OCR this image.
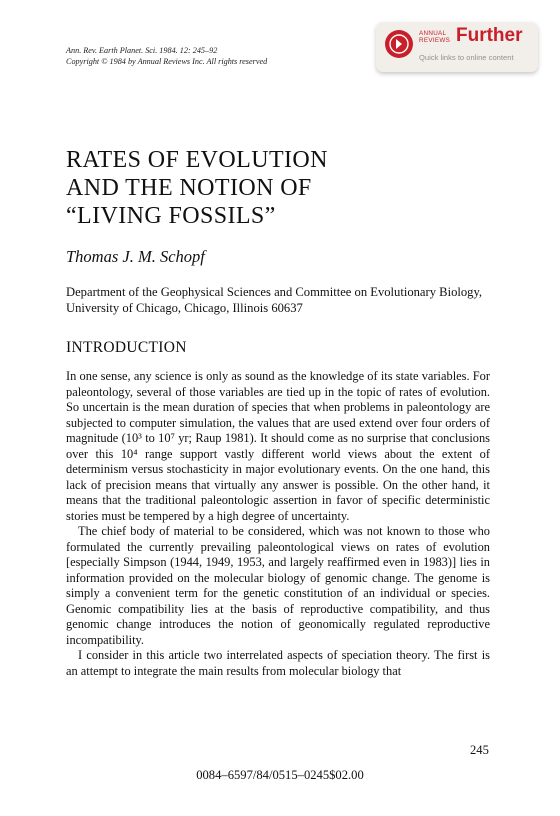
Ann. Rev. Earth Planet. Sci. 1984. 12: 245–92
Copyright © 1984 by Annual Reviews Inc. All rights reserved
ANNUAL
REVIEWS Further
Quick links to online content
RATES OF EVOLUTION
AND THE NOTION OF
“LIVING FOSSILS”
Thomas J. M. Schopf
Department of the Geophysical Sciences and Committee on Evolutionary Biology, University of Chicago, Chicago, Illinois 60637
INTRODUCTION

In one sense, any science is only as sound as the knowledge of its state variables. For paleontology, several of those variables are tied up in the topic of rates of evolution. So uncertain is the mean duration of species that when problems in paleontology are subjected to computer simulation, the values that are used extend over four orders of magnitude (10³ to 10⁷ yr; Raup 1981). It should come as no surprise that conclusions over this 10⁴ range support vastly different world views about the extent of determinism versus stochasticity in major evolutionary events. On the one hand, this lack of precision means that virtually any answer is possible. On the other hand, it means that the traditional paleontologic assertion in favor of specific deterministic stories must be tempered by a high degree of uncertainty.

The chief body of material to be considered, which was not known to those who formulated the currently prevailing paleontological views on rates of evolution [especially Simpson (1944, 1949, 1953, and largely reaffirmed even in 1983)] lies in information provided on the molecular biology of genomic change. The genome is simply a convenient term for the genetic constitution of an individual or species. Genomic compatibility lies at the basis of reproductive compatibility, and thus genomic change introduces the notion of geonomically regulated reproductive incompatibility.

I consider in this article two interrelated aspects of speciation theory. The first is an attempt to integrate the main results from molecular biology that

245
0084–6597/84/0515–0245$02.00
